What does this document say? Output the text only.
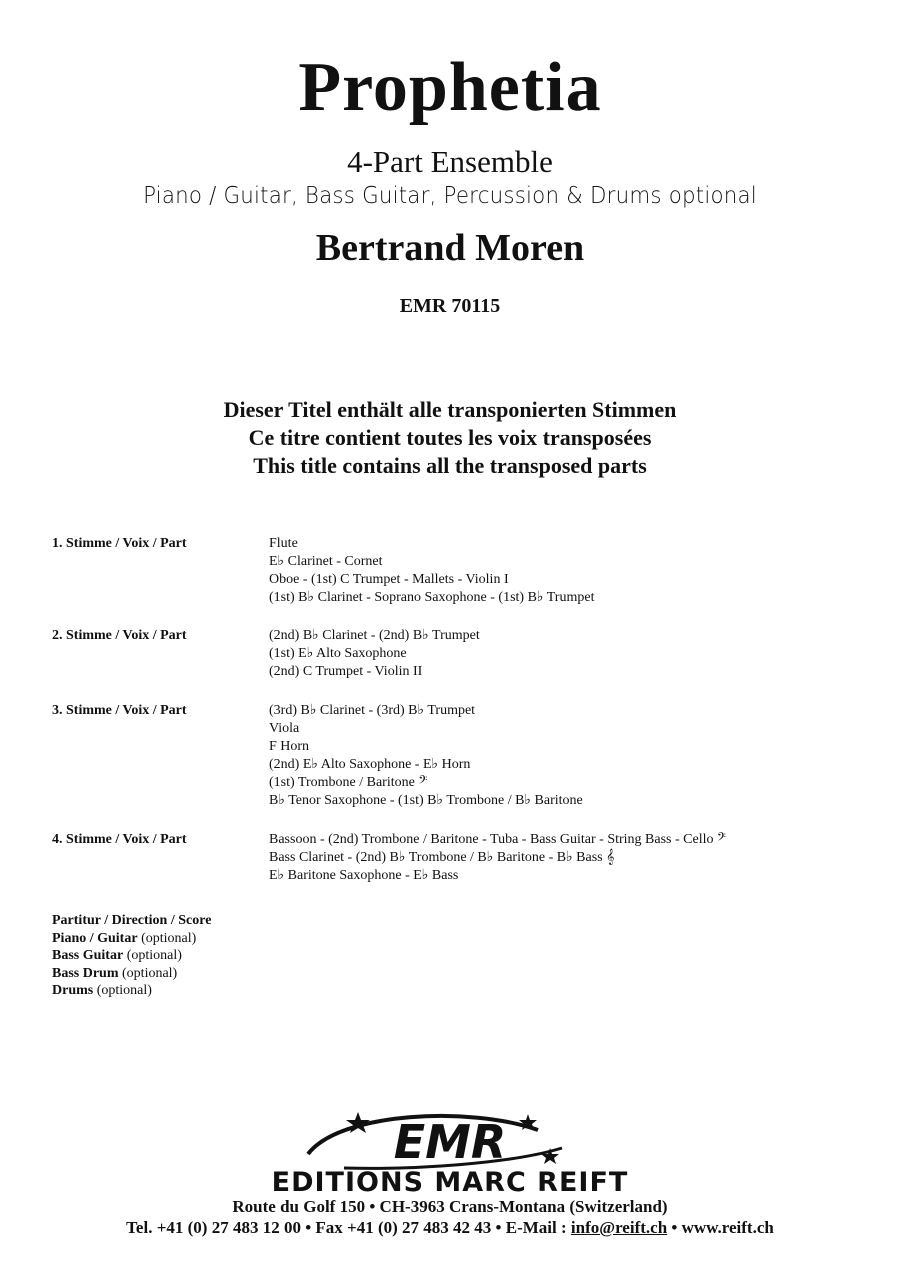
Prophetia
4-Part Ensemble
Piano / Guitar, Bass Guitar, Percussion & Drums optional
Bertrand Moren
EMR 70115
Dieser Titel enthält alle transponierten Stimmen
Ce titre contient toutes les voix transposées
This title contains all the transposed parts
1. Stimme / Voix / Part	Flute
E♭ Clarinet - Cornet
Oboe - (1st) C Trumpet - Mallets - Violin I
(1st) B♭ Clarinet - Soprano Saxophone - (1st) B♭ Trumpet
2. Stimme / Voix / Part	(2nd) B♭ Clarinet - (2nd) B♭ Trumpet
(1st) E♭ Alto Saxophone
(2nd) C Trumpet - Violin II
3. Stimme / Voix / Part	(3rd) B♭ Clarinet - (3rd) B♭ Trumpet
Viola
F Horn
(2nd) E♭ Alto Saxophone - E♭ Horn
(1st) Trombone / Baritone 𝄢
B♭ Tenor Saxophone - (1st) B♭ Trombone / B♭ Baritone
4. Stimme / Voix / Part	Bassoon - (2nd) Trombone / Baritone - Tuba - Bass Guitar - String Bass - Cello 𝄢
Bass Clarinet - (2nd) B♭ Trombone / B♭ Baritone - B♭ Bass 𝄞
E♭ Baritone Saxophone - E♭ Bass
Partitur / Direction / Score
Piano / Guitar (optional)
Bass Guitar (optional)
Bass Drum (optional)
Drums (optional)
EMR
EDITIONS MARC REIFT
Route du Golf 150 • CH-3963 Crans-Montana (Switzerland)
Tel. +41 (0) 27 483 12 00 • Fax +41 (0) 27 483 42 43 • E-Mail : info@reift.ch • www.reift.ch
